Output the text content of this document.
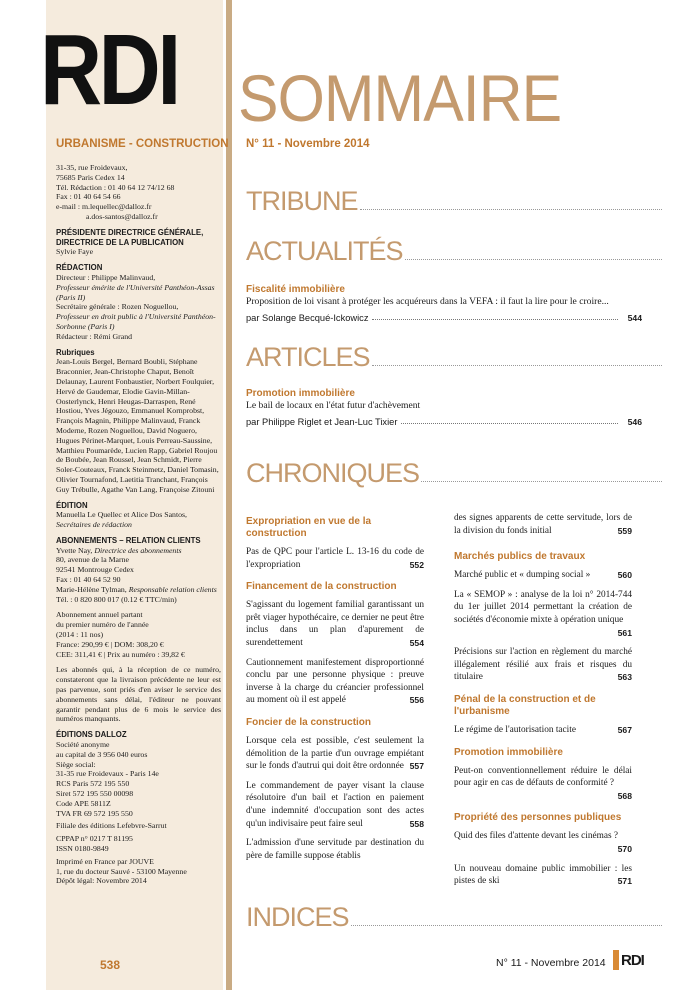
RDI SOMMAIRE
URBANISME - CONSTRUCTION N° 11 - Novembre 2014

31-35, rue Froidevaux,

75685 Paris Cedex 14

Tél. Rédaction : 01 40 64 12 74/12 68

Fax : 01 40 64 54 66

e-mail : m.lequellec@dalloz.fr

a.dos-santos@dalloz.fr

PRÉSIDENTE DIRECTRICE GÉNÉRALE, DIRECTRICE DE LA PUBLICATION

Sylvie Faye

RÉDACTION

Directeur : Philippe Malinvaud,

Professeur émérite de l'Université Panthéon-Assas (Paris II)

Secrétaire générale : Rozen Noguellou,

Professeur en droit public à l'Université Panthéon-Sorbonne (Paris I)

Rédacteur : Rémi Grand

Rubriques

Jean-Louis Bergel, Bernard Boubli, Stéphane Braconnier, Jean-Christophe Chaput, Benoît Delaunay, Laurent Fonbaustier, Norbert Foulquier, Hervé de Gaudemar, Elodie Gavin-Millan-Oosterlynck, Henri Heugas-Darraspen, René Hostiou, Yves Jégouzo, Emmanuel Kornprobst, François Magnin, Philippe Malinvaud, Franck Moderne, Rozen Noguellou, David Noguero, Hugues Périnet-Marquet, Louis Perreau-Saussine, Matthieu Poumarède, Lucien Rapp, Gabriel Roujou de Boubée, Jean Roussel, Jean Schmidt, Pierre Soler-Couteaux, Franck Steinmetz, Daniel Tomasin, Olivier Tournafond, Laetitia Tranchant, François Guy Trébulle, Agathe Van Lang, Françoise Zitouni

ÉDITION

Manuella Le Quellec et Alice Dos Santos,

Secrétaires de rédaction

ABONNEMENTS – RELATION CLIENTS

Yvette Nay, Directrice des abonnements

80, avenue de la Marne

92541 Montrouge Cedex

Fax : 01 40 64 52 90

Marie-Hélène Tylman, Responsable relation clients

Tél. : 0 820 800 017 (0.12 € TTC/min)

Abonnement annuel partant

du premier numéro de l'année

(2014 : 11 nos)

France: 290,99 € | DOM: 308,20 €

CEE: 311,41 € | Prix au numéro : 39,82 €

Les abonnés qui, à la réception de ce numéro, constateront que la livraison précédente ne leur est pas parvenue, sont priés d'en aviser le service des abonnements sans délai, l'éditeur ne pouvant garantir pendant plus de 6 mois le service des numéros manquants.

ÉDITIONS DALLOZ

Société anonyme

au capital de 3 956 040 euros

Siège social:

31-35 rue Froidevaux - Paris 14e

RCS Paris 572 195 550

Siret 572 195 550 00098

Code APE 5811Z

TVA FR 69 572 195 550

Filiale des éditions Lefebvre-Sarrut

CPPAP n° 0217 T 81195

ISSN 0180-9849

Imprimé en France par JOUVE

1, rue du docteur Sauvé - 53100 Mayenne

Dépôt légal: Novembre 2014

TRIBUNE
ACTUALITÉS
Fiscalité immobilière
Proposition de loi visant à protéger les acquéreurs dans la VEFA : il faut la lire pour le croire...
par Solange Becqué-Ickowicz	544
ARTICLES
Promotion immobilière
Le bail de locaux en l'état futur d'achèvement
par Philippe Riglet et Jean-Luc Tixier	546
CHRONIQUES
Expropriation en vue de la construction
Pas de QPC pour l'article L. 13-16 du code de l'expropriation	552
Financement de la construction
S'agissant du logement familial garantissant un prêt viager hypothécaire, ce dernier ne peut être inclus dans un plan d'apurement de surendettement	554
Cautionnement manifestement disproportionné conclu par une personne physique : preuve inverse à la charge du créancier professionnel au moment où il est appelé	556
Foncier de la construction
Lorsque cela est possible, c'est seulement la démolition de la partie d'un ouvrage empiétant sur le fonds d'autrui qui doit être ordonnée 557
Le commandement de payer visant la clause résolutoire d'un bail et l'action en paiement d'une indemnité d'occupation sont des actes qu'un indivisaire peut faire seul	558
L'admission d'une servitude par destination du père de famille suppose établis
des signes apparents de cette servitude, lors de la division du fonds initial	559
Marchés publics de travaux
Marché public et « dumping social »	560
La « SEMOP » : analyse de la loi n° 2014-744 du 1er juillet 2014 permettant la création de sociétés d'économie mixte à opération unique
561
Précisions sur l'action en règlement du marché illégalement résilié aux frais et risques du titulaire	563
Pénal de la construction et de l'urbanisme
Le régime de l'autorisation tacite	567
Promotion immobilière
Peut-on conventionnellement réduire le délai pour agir en cas de défauts de conformité ?
568
Propriété des personnes publiques
Quid des files d'attente devant les cinémas ?
570
Un nouveau domaine public immobilier : les pistes de ski	571
INDICES
538	N° 11 - Novembre 2014 RDI
